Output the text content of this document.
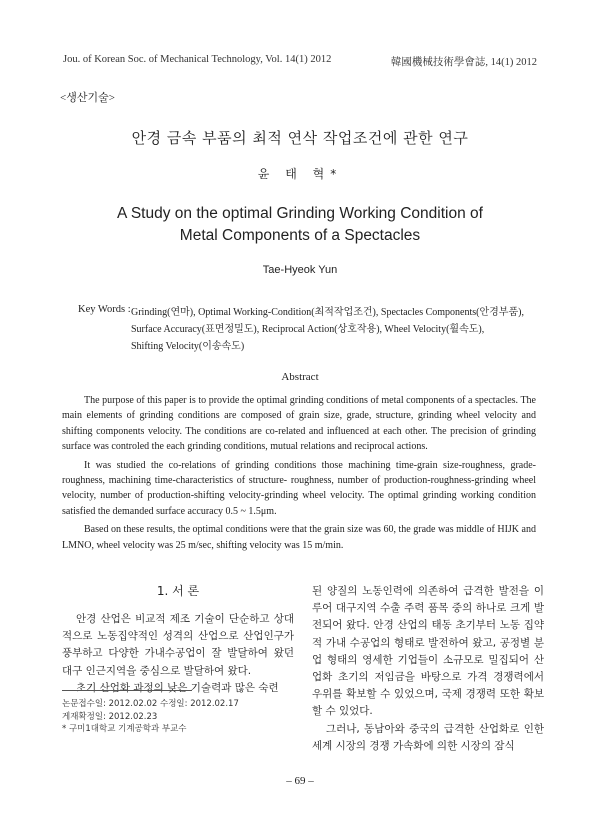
Jou. of Korean Soc. of Mechanical Technology, Vol. 14(1) 2012	韓國機械技術學會誌, 14(1) 2012
<생산기술>
안경 금속 부품의 최적 연삭 작업조건에 관한 연구
윤 태 혁*
A Study on the optimal Grinding Working Condition of
Metal Components of a Spectacles
Tae-Hyeok Yun
Key Words : Grinding(연마), Optimal Working-Condition(최적작업조건), Spectacles Components(안경부품),
Surface Accuracy(표면정밀도), Reciprocal Action(상호작용), Wheel Velocity(휠속도),
Shifting Velocity(이송속도)
Abstract

The purpose of this paper is to provide the optimal grinding conditions of metal components of a spectacles. The main elements of grinding conditions are composed of grain size, grade, structure, grinding wheel velocity and shifting components velocity. The conditions are co-related and influenced at each other. The precision of grinding surface was controled the each grinding conditions, mutual relations and reciprocal actions.

It was studied the co-relations of grinding conditions those machining time-grain size-roughness, grade-roughness, machining time-characteristics of structure- roughness, number of production-roughness-grinding wheel velocity, number of production-shifting velocity-grinding wheel velocity. The optimal grinding working condition satisfied the demanded surface accuracy 0.5 ~ 1.5μm.

Based on these results, the optimal conditions were that the grain size was 60, the grade was middle of HIJK and LMNO, wheel velocity was 25 m/sec, shifting velocity was 15 m/min.

1. 서 론

안경 산업은 비교적 제조 기술이 단순하고 상대적으로 노동집약적인 성격의 산업으로 산업인구가 풍부하고 다양한 가내수공업이 잘 발달하여 왔던 대구 인근지역을 중심으로 발달하여 왔다.

초기 산업화 과정의 낮은 기술력과 많은 숙련

된 양질의 노동인력에 의존하여 급격한 발전을 이루어 대구지역 수출 주력 품목 중의 하나로 크게 발전되어 왔다. 안경 산업의 태동 초기부터 노동 집약적 가내 수공업의 형태로 발전하여 왔고, 공정별 분업 형태의 영세한 기업들이 소규모로 밀집되어 산업화 초기의 저임금을 바탕으로 가격 경쟁력에서 우위를 확보할 수 있었으며, 국제 경쟁력 또한 확보할 수 있었다.

그러나, 동남아와 중국의 급격한 산업화로 인한 세계 시장의 경쟁 가속화에 의한 시장의 잠식

논문접수일: 2012.02.02 수정일: 2012.02.17
게재확정일: 2012.02.23
* 구미1대학교 기계공학과 부교수
– 69 –
